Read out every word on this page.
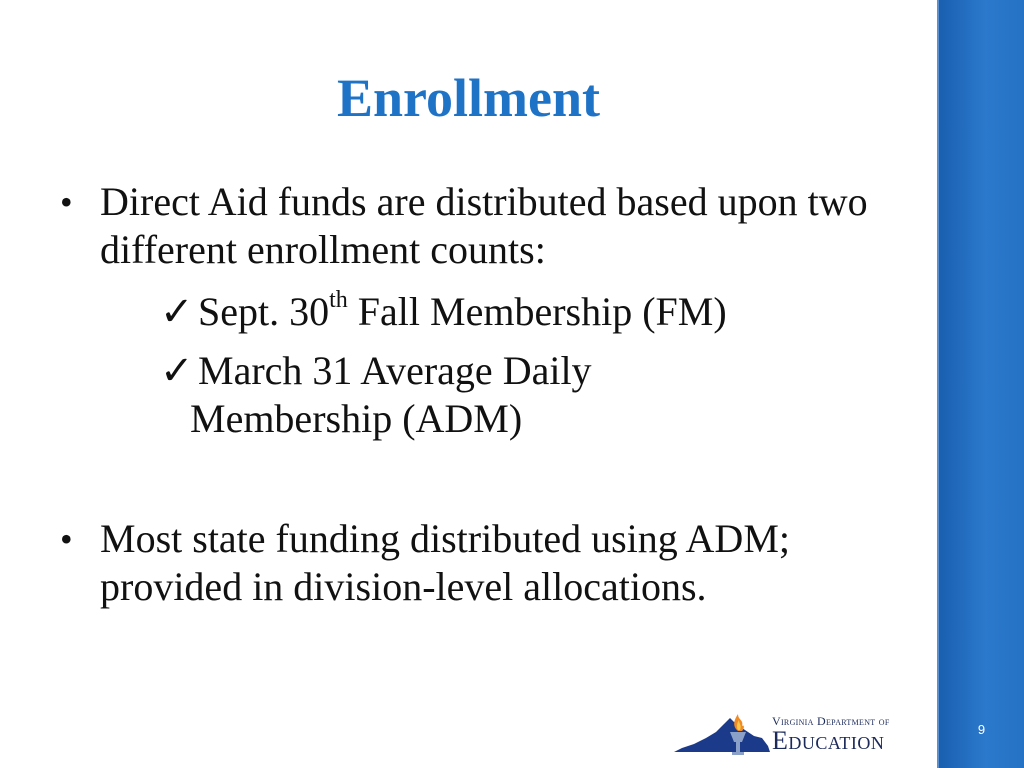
Enrollment
• Direct Aid funds are distributed based upon two different enrollment counts:
✓ Sept. 30th Fall Membership (FM)
✓ March 31 Average Daily
Membership (ADM)
• Most state funding distributed using ADM; provided in division-level allocations.
Virginia Department of
Education	9
